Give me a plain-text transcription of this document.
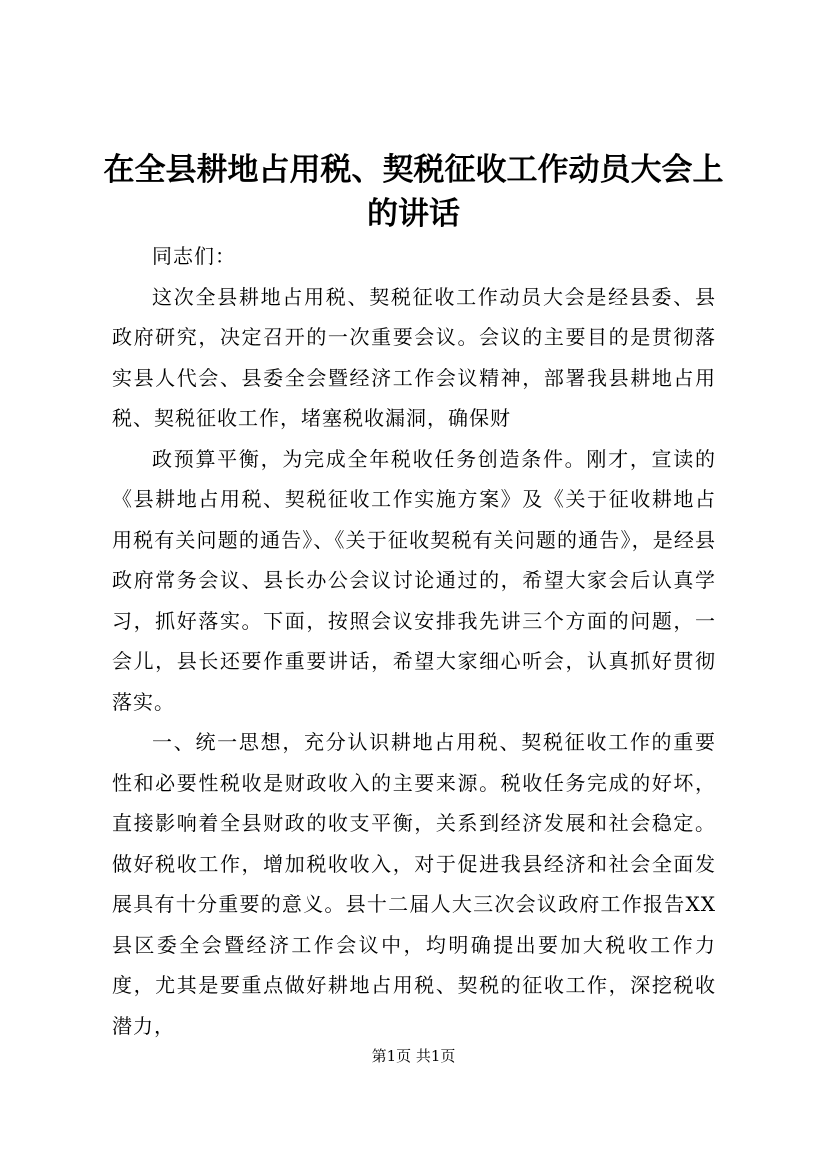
在全县耕地占用税、契税征收工作动员大会上的讲话

同志们：

这次全县耕地占用税、契税征收工作动员大会是经县委、县政府研究，决定召开的一次重要会议。会议的主要目的是贯彻落实县人代会、县委全会暨经济工作会议精神，部署我县耕地占用税、契税征收工作，堵塞税收漏洞，确保财

政预算平衡，为完成全年税收任务创造条件。刚才，宣读的《县耕地占用税、契税征收工作实施方案》及《关于征收耕地占用税有关问题的通告》、《关于征收契税有关问题的通告》，是经县政府常务会议、县长办公会议讨论通过的，希望大家会后认真学习，抓好落实。下面，按照会议安排我先讲三个方面的问题，一会儿，县长还要作重要讲话，希望大家细心听会，认真抓好贯彻落实。

一、统一思想，充分认识耕地占用税、契税征收工作的重要性和必要性税收是财政收入的主要来源。税收任务完成的好坏，直接影响着全县财政的收支平衡，关系到经济发展和社会稳定。做好税收工作，增加税收收入，对于促进我县经济和社会全面发展具有十分重要的意义。县十二届人大三次会议政府工作报告XX县区委全会暨经济工作会议中，均明确提出要加大税收工作力度，尤其是要重点做好耕地占用税、契税的征收工作，深挖税收潜力，

第1页 共1页
